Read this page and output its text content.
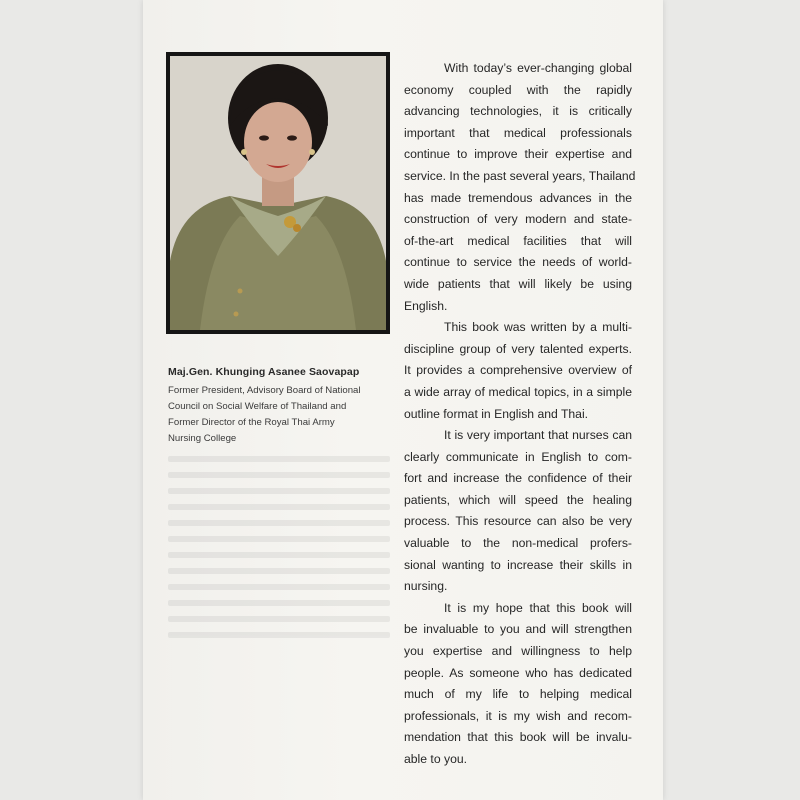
Maj.Gen. Khunging Asanee Saovapap

Former President, Advisory Board of National
Council on Social Welfare of Thailand and
Former Director of the Royal Thai Army
Nursing College

With today’s ever-changing global
economy coupled with the rapidly
advancing technologies, it is critically
important that medical professionals
continue to improve their expertise and
service. In the past several years, Thailand
has made tremendous advances in the
construction of very modern and state-
of-the-art medical facilities that will
continue to service the needs of world-
wide patients that will likely be using
English.

This book was written by a multi-
discipline group of very talented experts.
It provides a comprehensive overview of
a wide array of medical topics, in a simple
outline format in English and Thai.

It is very important that nurses can
clearly communicate in English to com-
fort and increase the confidence of their
patients, which will speed the healing
process. This resource can also be very
valuable to the non-medical profers-
sional wanting to increase their skills in
nursing.

It is my hope that this book will
be invaluable to you and will strengthen
you expertise and willingness to help
people. As someone who has dedicated
much of my life to helping medical
professionals, it is my wish and recom-
mendation that this book will be invalu-
able to you.
